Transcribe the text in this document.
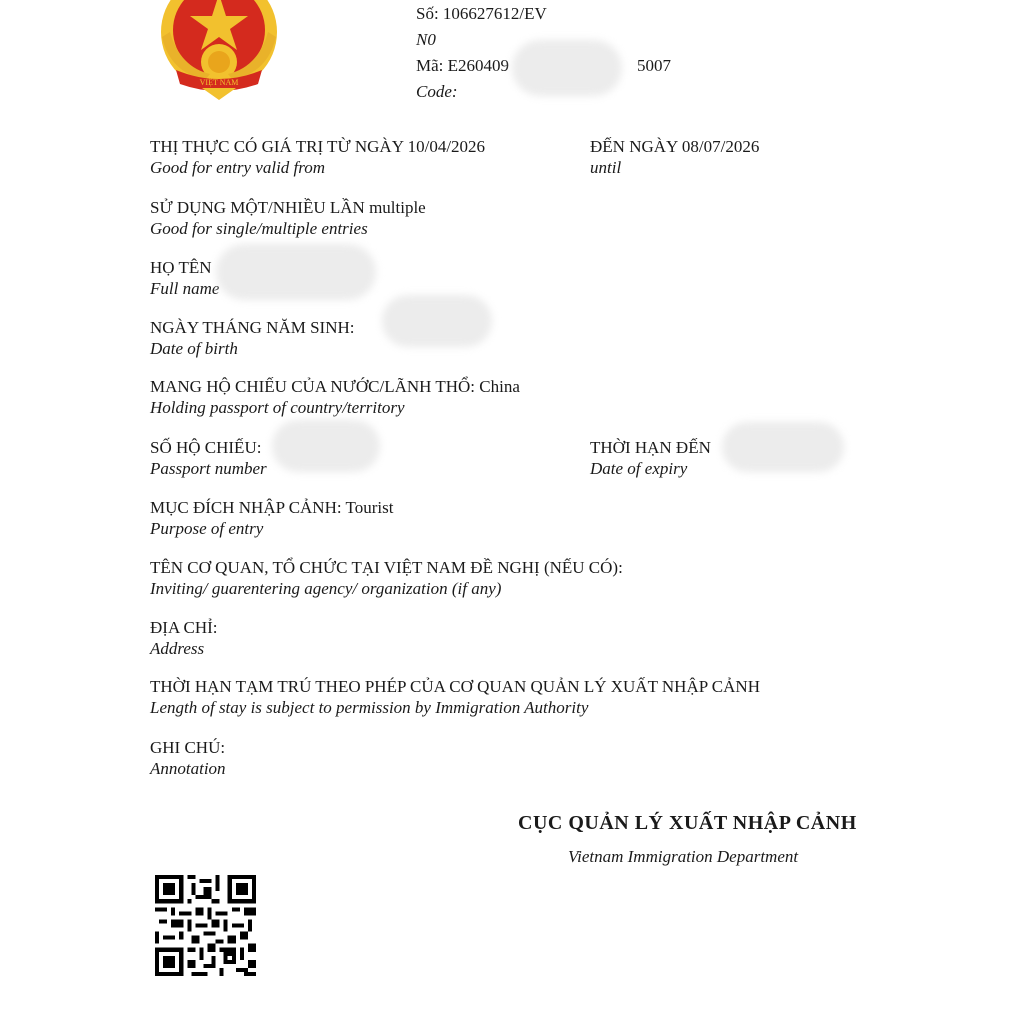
VIỆT NAM
Số: 106627612/EV
N0
Mã: E260409	5007
Code:
THỊ THỰC CÓ GIÁ TRỊ TỪ NGÀY 10/04/2026
Good for entry valid from
ĐẾN NGÀY 08/07/2026
until
SỬ DỤNG MỘT/NHIỀU LẦN multiple
Good for single/multiple entries
HỌ TÊN
Full name
NGÀY THÁNG NĂM SINH:
Date of birth
MANG HỘ CHIẾU CỦA NƯỚC/LÃNH THỔ: China
Holding passport of country/territory
SỐ HỘ CHIẾU:
Passport number
THỜI HẠN ĐẾN
Date of expiry
MỤC ĐÍCH NHẬP CẢNH: Tourist
Purpose of entry
TÊN CƠ QUAN, TỔ CHỨC TẠI VIỆT NAM ĐỀ NGHỊ (NẾU CÓ):
Inviting/ guarentering agency/ organization (if any)
ĐỊA CHỈ:
Address
THỜI HẠN TẠM TRÚ THEO PHÉP CỦA CƠ QUAN QUẢN LÝ XUẤT NHẬP CẢNH
Length of stay is subject to permission by Immigration Authority
GHI CHÚ:
Annotation
CỤC QUẢN LÝ XUẤT NHẬP CẢNH
Vietnam Immigration Department
